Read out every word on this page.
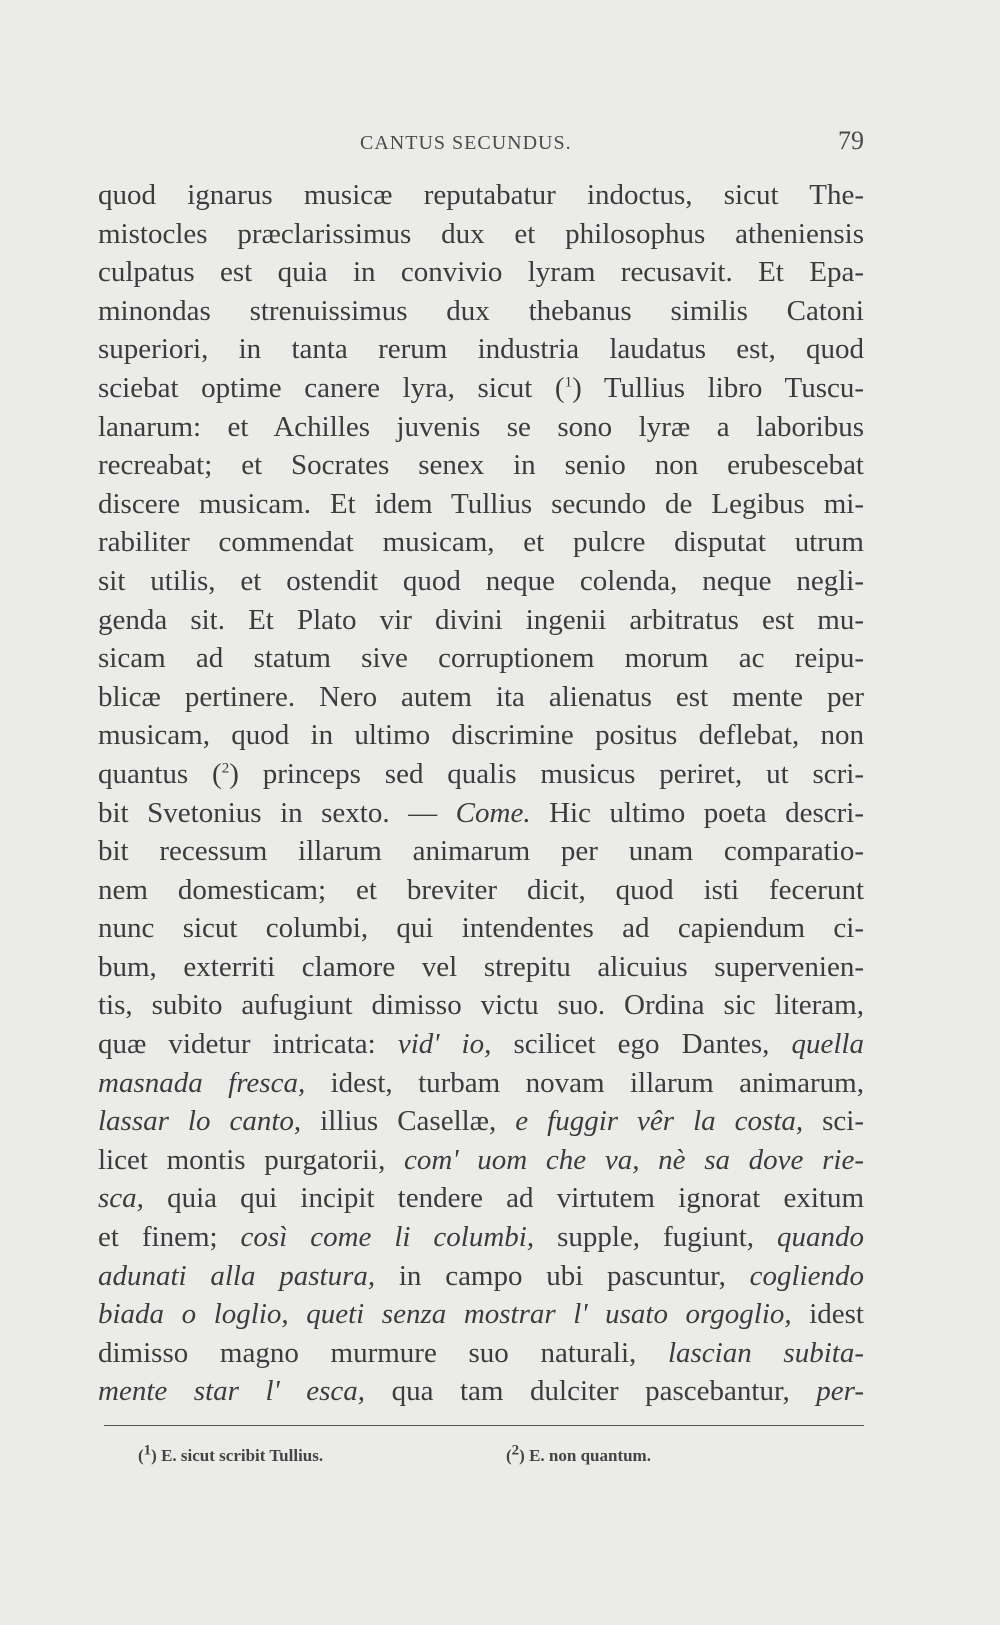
CANTUS SECUNDUS.	79
quod ignarus musicæ reputabatur indoctus, sicut The-
mistocles præclarissimus dux et philosophus atheniensis
culpatus est quia in convivio lyram recusavit. Et Epa-
minondas strenuissimus dux thebanus similis Catoni
superiori, in tanta rerum industria laudatus est, quod
sciebat optime canere lyra, sicut ($^1$) Tullius libro Tuscu-
lanarum: et Achilles juvenis se sono lyræ a laboribus
recreabat; et Socrates senex in senio non erubescebat
discere musicam. Et idem Tullius secundo de Legibus mi-
rabiliter commendat musicam, et pulcre disputat utrum
sit utilis, et ostendit quod neque colenda, neque negli-
genda sit. Et Plato vir divini ingenii arbitratus est mu-
sicam ad statum sive corruptionem morum ac reipu-
blicæ pertinere. Nero autem ita alienatus est mente per
musicam, quod in ultimo discrimine positus deflebat, non
quantus ($^2$) princeps sed qualis musicus periret, ut scri-
bit Svetonius in sexto. — Come. Hic ultimo poeta descri-
bit recessum illarum animarum per unam comparatio-
nem domesticam; et breviter dicit, quod isti fecerunt
nunc sicut columbi, qui intendentes ad capiendum ci-
bum, exterriti clamore vel strepitu alicuius supervenien-
tis, subito aufugiunt dimisso victu suo. Ordina sic literam,
quæ videtur intricata: vid' io, scilicet ego Dantes, quella
masnada fresca, idest, turbam novam illarum animarum,
lassar lo canto, illius Casellæ, e fuggir vêr la costa, sci-
licet montis purgatorii, com' uom che va, nè sa dove rie-
sca, quia qui incipit tendere ad virtutem ignorat exitum
et finem; così come li columbi, supple, fugiunt, quando
adunati alla pastura, in campo ubi pascuntur, cogliendo
biada o loglio, queti senza mostrar l' usato orgoglio, idest
dimisso magno murmure suo naturali, lascian subita-
mente star l' esca, qua tam dulciter pascebantur, per-
($^1$) E. sicut scribit Tullius.	($^2$) E. non quantum.
